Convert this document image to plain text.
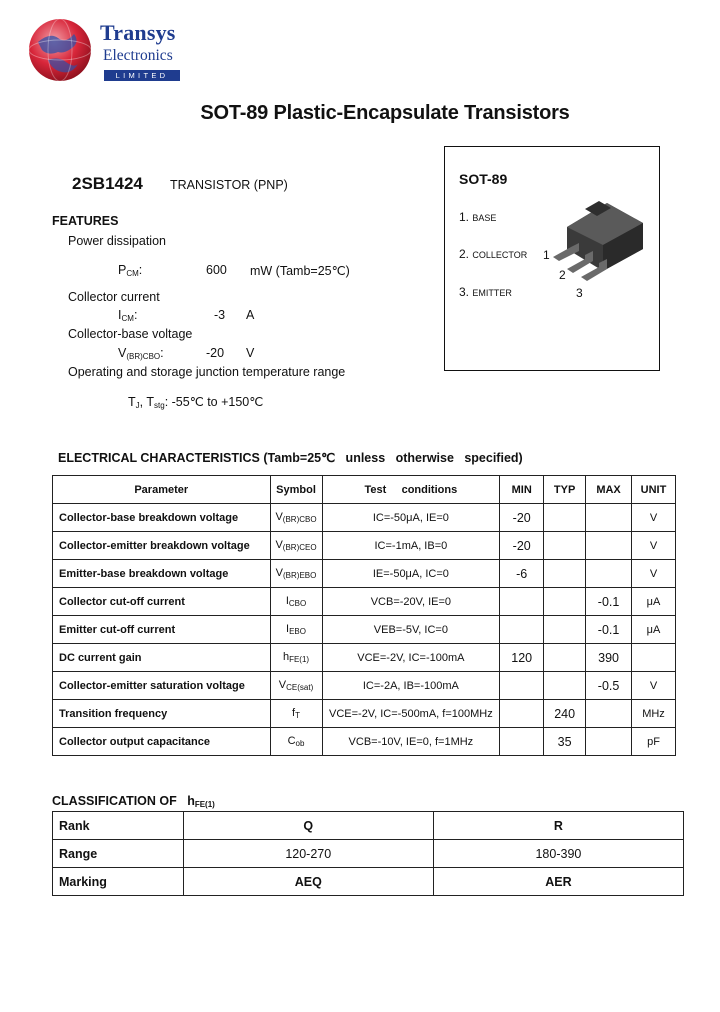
Transys
Electronics
LIMITED
SOT-89 Plastic-Encapsulate Transistors
2SB1424 TRANSISTOR (PNP)	SOT-89
1. BASE
2. COLLECTOR
3. EMITTER
1
2
3
FEATURES
Power dissipation
$P_{CM}$:	600 mW (Tamb=25℃)
Collector current
$I_{CM}$:	-3 A
Collector-base voltage
$V_{(BR)CBO}$:	-20 V
Operating and storage junction temperature range
$T_J$, $T_{stg}$: -55℃ to +150℃
ELECTRICAL CHARACTERISTICS (Tamb=25℃   unless   otherwise   specified)
Parameter	Symbol	Test     conditions	MIN	TYP	MAX	UNIT
Collector-base breakdown voltage	$V_{(BR)CBO}$	IC=-50μA, IE=0	-20			V
Collector-emitter breakdown voltage	$V_{(BR)CEO}$	IC=-1mA, IB=0	-20			V
Emitter-base breakdown voltage	$V_{(BR)EBO}$	IE=-50μA, IC=0	-6			V
Collector cut-off current	$I_{CBO}$	VCB=-20V, IE=0			-0.1	μA
Emitter cut-off current	$I_{EBO}$	VEB=-5V, IC=0			-0.1	μA
DC current gain	$h_{FE(1)}$	VCE=-2V, IC=-100mA	120		390	
Collector-emitter saturation voltage	$V_{CE(sat)}$	IC=-2A, IB=-100mA			-0.5	V
Transition frequency	$f_T$	VCE=-2V, IC=-500mA, f=100MHz		240		MHz
Collector output capacitance	$C_{ob}$	VCB=-10V, IE=0, f=1MHz		35		pF
CLASSIFICATION OF $h_{FE(1)}$
Rank	Q	R
Range	120-270	180-390
Marking	AEQ	AER
